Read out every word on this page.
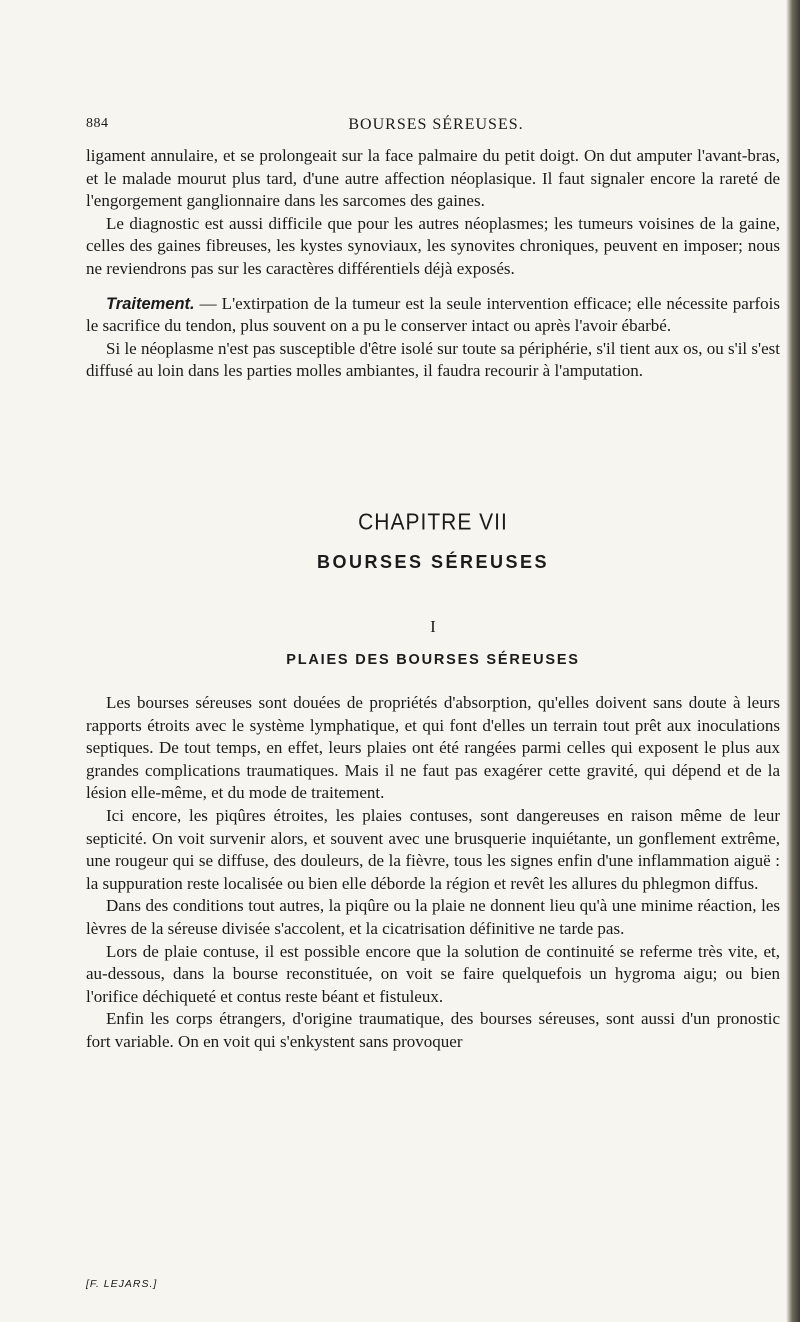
884	BOURSES SÉREUSES.

ligament annulaire, et se prolongeait sur la face palmaire du petit doigt. On dut amputer l'avant-bras, et le malade mourut plus tard, d'une autre affection néoplasique. Il faut signaler encore la rareté de l'engorgement ganglionnaire dans les sarcomes des gaines.

Le diagnostic est aussi difficile que pour les autres néoplasmes; les tumeurs voisines de la gaine, celles des gaines fibreuses, les kystes synoviaux, les synovites chroniques, peuvent en imposer; nous ne reviendrons pas sur les caractères différentiels déjà exposés.

Traitement. — L'extirpation de la tumeur est la seule intervention efficace; elle nécessite parfois le sacrifice du tendon, plus souvent on a pu le conserver intact ou après l'avoir ébarbé.

Si le néoplasme n'est pas susceptible d'être isolé sur toute sa périphérie, s'il tient aux os, ou s'il s'est diffusé au loin dans les parties molles ambiantes, il faudra recourir à l'amputation.

CHAPITRE VII
BOURSES SÉREUSES
I
PLAIES DES BOURSES SÉREUSES

Les bourses séreuses sont douées de propriétés d'absorption, qu'elles doivent sans doute à leurs rapports étroits avec le système lymphatique, et qui font d'elles un terrain tout prêt aux inoculations septiques. De tout temps, en effet, leurs plaies ont été rangées parmi celles qui exposent le plus aux grandes complications traumatiques. Mais il ne faut pas exagérer cette gravité, qui dépend et de la lésion elle-même, et du mode de traitement.

Ici encore, les piqûres étroites, les plaies contuses, sont dangereuses en raison même de leur septicité. On voit survenir alors, et souvent avec une brusquerie inquiétante, un gonflement extrême, une rougeur qui se diffuse, des douleurs, de la fièvre, tous les signes enfin d'une inflammation aiguë : la suppuration reste localisée ou bien elle déborde la région et revêt les allures du phlegmon diffus.

Dans des conditions tout autres, la piqûre ou la plaie ne donnent lieu qu'à une minime réaction, les lèvres de la séreuse divisée s'accolent, et la cicatrisation définitive ne tarde pas.

Lors de plaie contuse, il est possible encore que la solution de continuité se referme très vite, et, au-dessous, dans la bourse reconstituée, on voit se faire quelquefois un hygroma aigu; ou bien l'orifice déchiqueté et contus reste béant et fistuleux.

Enfin les corps étrangers, d'origine traumatique, des bourses séreuses, sont aussi d'un pronostic fort variable. On en voit qui s'enkystent sans provoquer

[F. LEJARS.]
